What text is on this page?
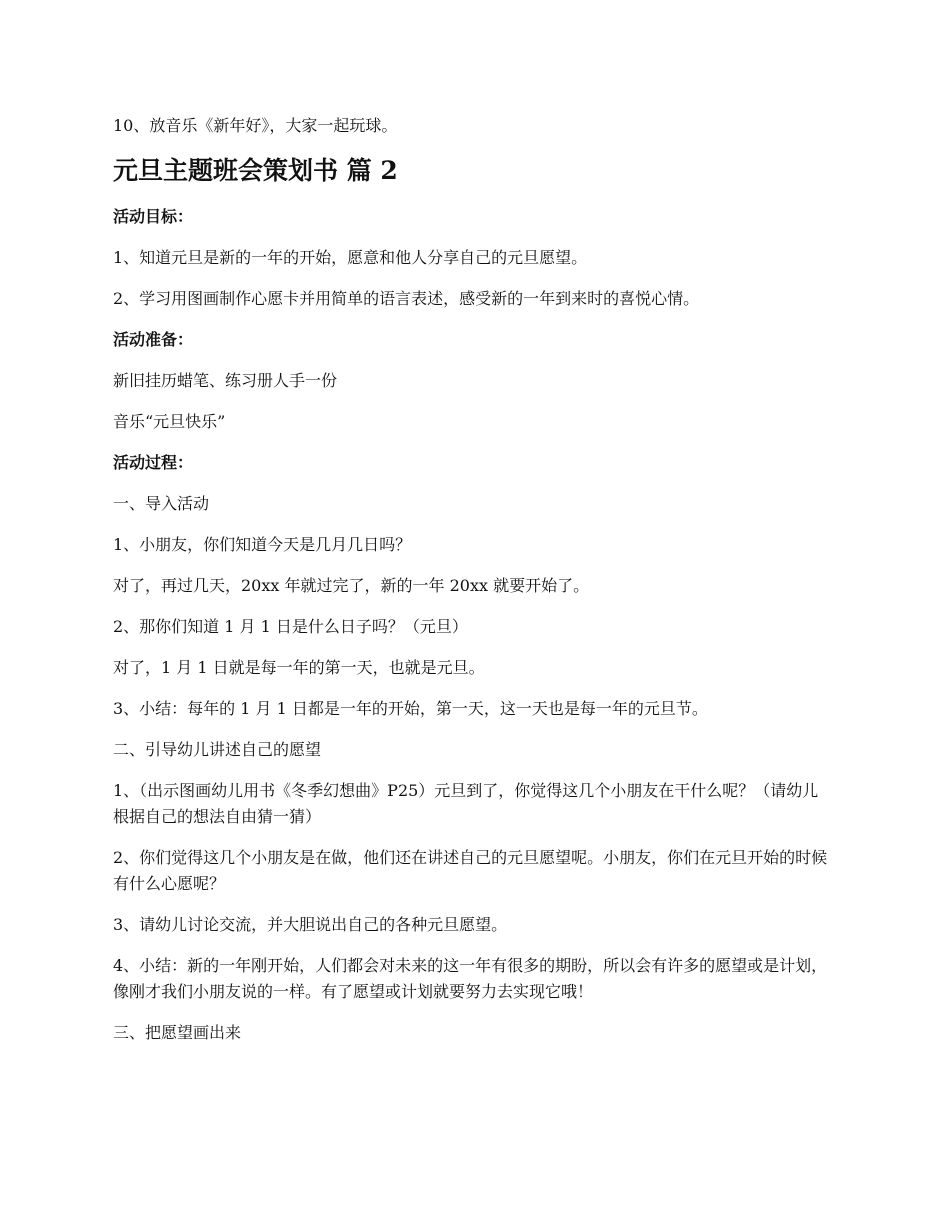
10、放音乐《新年好》，大家一起玩球。

元旦主题班会策划书 篇 2
活动目标：

1、知道元旦是新的一年的开始，愿意和他人分享自己的元旦愿望。

2、学习用图画制作心愿卡并用简单的语言表述，感受新的一年到来时的喜悦心情。

活动准备：

新旧挂历蜡笔、练习册人手一份

音乐“元旦快乐”

活动过程：

一、导入活动

1、小朋友，你们知道今天是几月几日吗？

对了，再过几天，20xx 年就过完了，新的一年 20xx 就要开始了。

2、那你们知道 1 月 1 日是什么日子吗？（元旦）

对了，1 月 1 日就是每一年的第一天，也就是元旦。

3、小结：每年的 1 月 1 日都是一年的开始，第一天，这一天也是每一年的元旦节。

二、引导幼儿讲述自己的愿望

1、（出示图画幼儿用书《冬季幻想曲》P25）元旦到了，你觉得这几个小朋友在干什么呢？（请幼儿根据自己的想法自由猜一猜）

2、你们觉得这几个小朋友是在做，他们还在讲述自己的元旦愿望呢。小朋友，你们在元旦开始的时候有什么心愿呢？

3、请幼儿讨论交流，并大胆说出自己的各种元旦愿望。

4、小结：新的一年刚开始，人们都会对未来的这一年有很多的期盼，所以会有许多的愿望或是计划，像刚才我们小朋友说的一样。有了愿望或计划就要努力去实现它哦！

三、把愿望画出来
